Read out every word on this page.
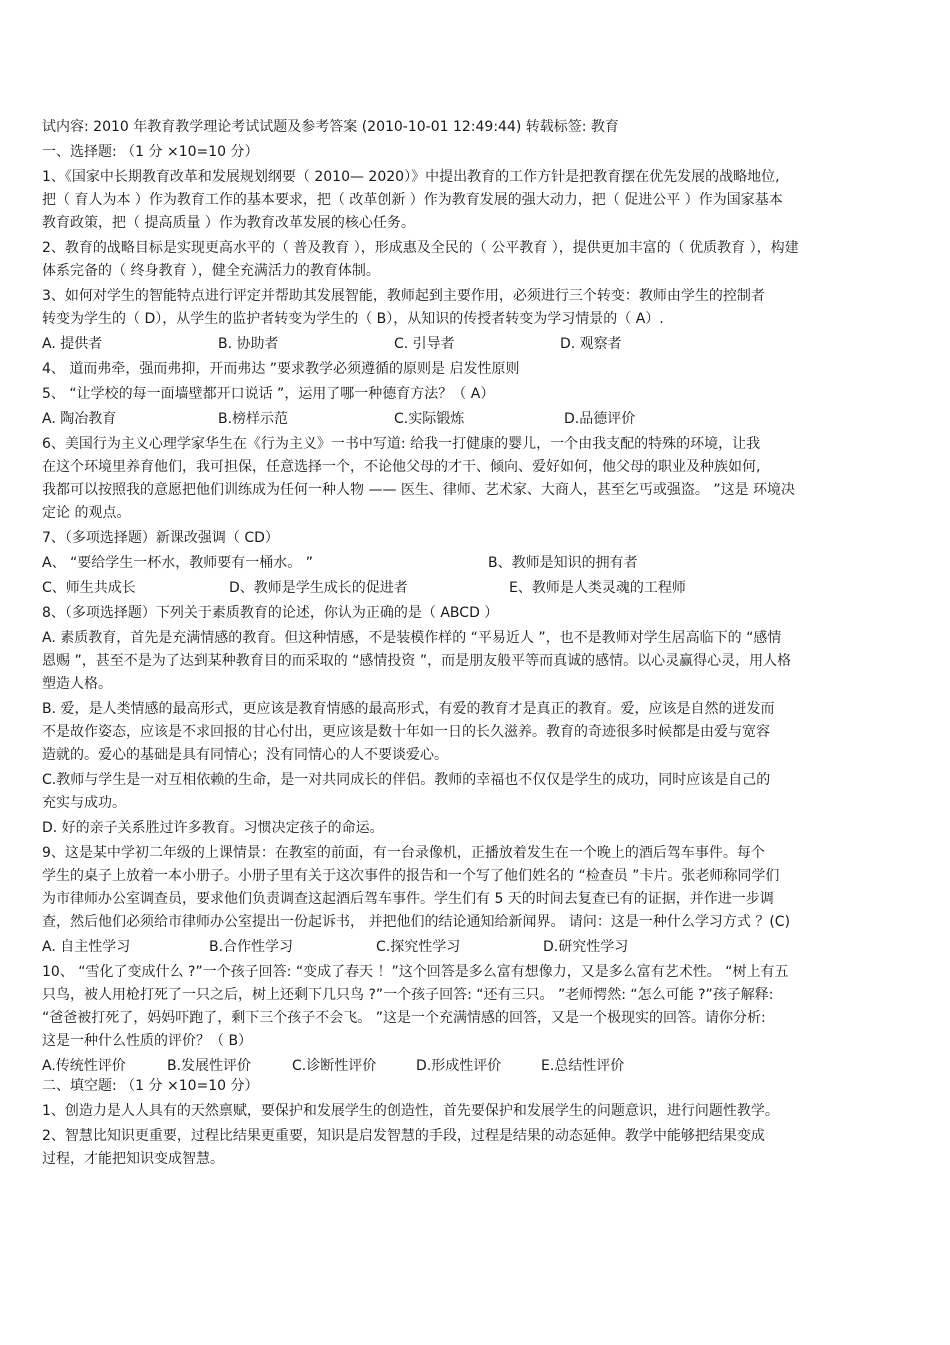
试内容: 2010 年教育教学理论考试试题及参考答案 (2010-10-01 12:49:44) 转载标签: 教育
一、选择题: （1 分 ×10=10 分）
1、《国家中长期教育改革和发展规划纲要（ 2010— 2020）》中提出教育的工作方针是把教育摆在优先发展的战略地位,
把（ 育人为本 ）作为教育工作的基本要求，把（ 改革创新 ）作为教育发展的强大动力，把（ 促进公平 ）作为国家基本
教育政策，把（ 提高质量 ）作为教育改革发展的核心任务。
2、教育的战略目标是实现更高水平的（ 普及教育 ），形成惠及全民的（ 公平教育 ），提供更加丰富的（ 优质教育 ），构建
体系完备的（ 终身教育 ），健全充满活力的教育体制。
3、如何对学生的智能特点进行评定并帮助其发展智能，教师起到主要作用，必须进行三个转变：教师由学生的控制者
转变为学生的（ D），从学生的监护者转变为学生的（ B），从知识的传授者转变为学习情景的（ A）.
A. 提供者	B. 协助者	C. 引导者	D. 观察者
4、 道而弗牵，强而弗抑，开而弗达 ”要求教学必须遵循的原则是 启发性原则
5、 “让学校的每一面墙壁都开口说话 ”，运用了哪一种德育方法？（ A）
A. 陶冶教育	B.榜样示范	C.实际锻炼	D.品德评价
6、美国行为主义心理学家华生在《行为主义》一书中写道: 给我一打健康的婴儿，一个由我支配的特殊的环境，让我
在这个环境里养育他们，我可担保，任意选择一个，不论他父母的才干、倾向、爱好如何，他父母的职业及种族如何,
我都可以按照我的意愿把他们训练成为任何一种人物 —— 医生、律师、艺术家、大商人，甚至乞丐或强盗。 ”这是 环境决
定论 的观点。
7、（多项选择题）新课改强调（ CD）
A、 “要给学生一杯水，教师要有一桶水。 ”	B、教师是知识的拥有者
C、师生共成长	D、教师是学生成长的促进者	E、教师是人类灵魂的工程师
8、（多项选择题）下列关于素质教育的论述，你认为正确的是（ ABCD ）
A. 素质教育，首先是充满情感的教育。但这种情感，不是装模作样的 “平易近人 ”，也不是教师对学生居高临下的 “感情
恩赐 ”，甚至不是为了达到某种教育目的而采取的 “感情投资 ”，而是朋友般平等而真诚的感情。以心灵赢得心灵，用人格
塑造人格。
B. 爱，是人类情感的最高形式，更应该是教育情感的最高形式，有爱的教育才是真正的教育。爱，应该是自然的迸发而
不是故作姿态，应该是不求回报的甘心付出，更应该是数十年如一日的长久滋养。教育的奇迹很多时候都是由爱与宽容
造就的。爱心的基础是具有同情心；没有同情心的人不要谈爱心。
C.教师与学生是一对互相依赖的生命，是一对共同成长的伴侣。教师的幸福也不仅仅是学生的成功，同时应该是自己的
充实与成功。
D. 好的亲子关系胜过许多教育。习惯决定孩子的命运。
9、这是某中学初二年级的上课情景：在教室的前面，有一台录像机，正播放着发生在一个晚上的酒后驾车事件。每个
学生的桌子上放着一本小册子。小册子里有关于这次事件的报告和一个写了他们姓名的 “检查员 ”卡片。张老师称同学们
为市律师办公室调查员，要求他们负责调查这起酒后驾车事件。学生们有 5 天的时间去复查已有的证据，并作进一步调
查，然后他们必须给市律师办公室提出一份起诉书， 并把他们的结论通知给新闻界。 请问：这是一种什么学习方式 ？(C)
A. 自主性学习	B.合作性学习	C.探究性学习	D.研究性学习
10、 “雪化了变成什么 ?”一个孩子回答: “变成了春天 ！”这个回答是多么富有想像力，又是多么富有艺术性。 “树上有五
只鸟，被人用枪打死了一只之后，树上还剩下几只鸟 ?”一个孩子回答: “还有三只。 ”老师愕然: “怎么可能 ?”孩子解释:
“爸爸被打死了，妈妈吓跑了，剩下三个孩子不会飞。 ”这是一个充满情感的回答，又是一个极现实的回答。请你分析:
这是一种什么性质的评价？（ B）
A.传统性评价	B.发展性评价	C.诊断性评价	D.形成性评价	E.总结性评价
二、填空题: （1 分 ×10=10 分）
1、创造力是人人具有的天然禀赋，要保护和发展学生的创造性，首先要保护和发展学生的问题意识，进行问题性教学。
2、智慧比知识更重要，过程比结果更重要，知识是启发智慧的手段，过程是结果的动态延伸。教学中能够把结果变成
过程，才能把知识变成智慧。
